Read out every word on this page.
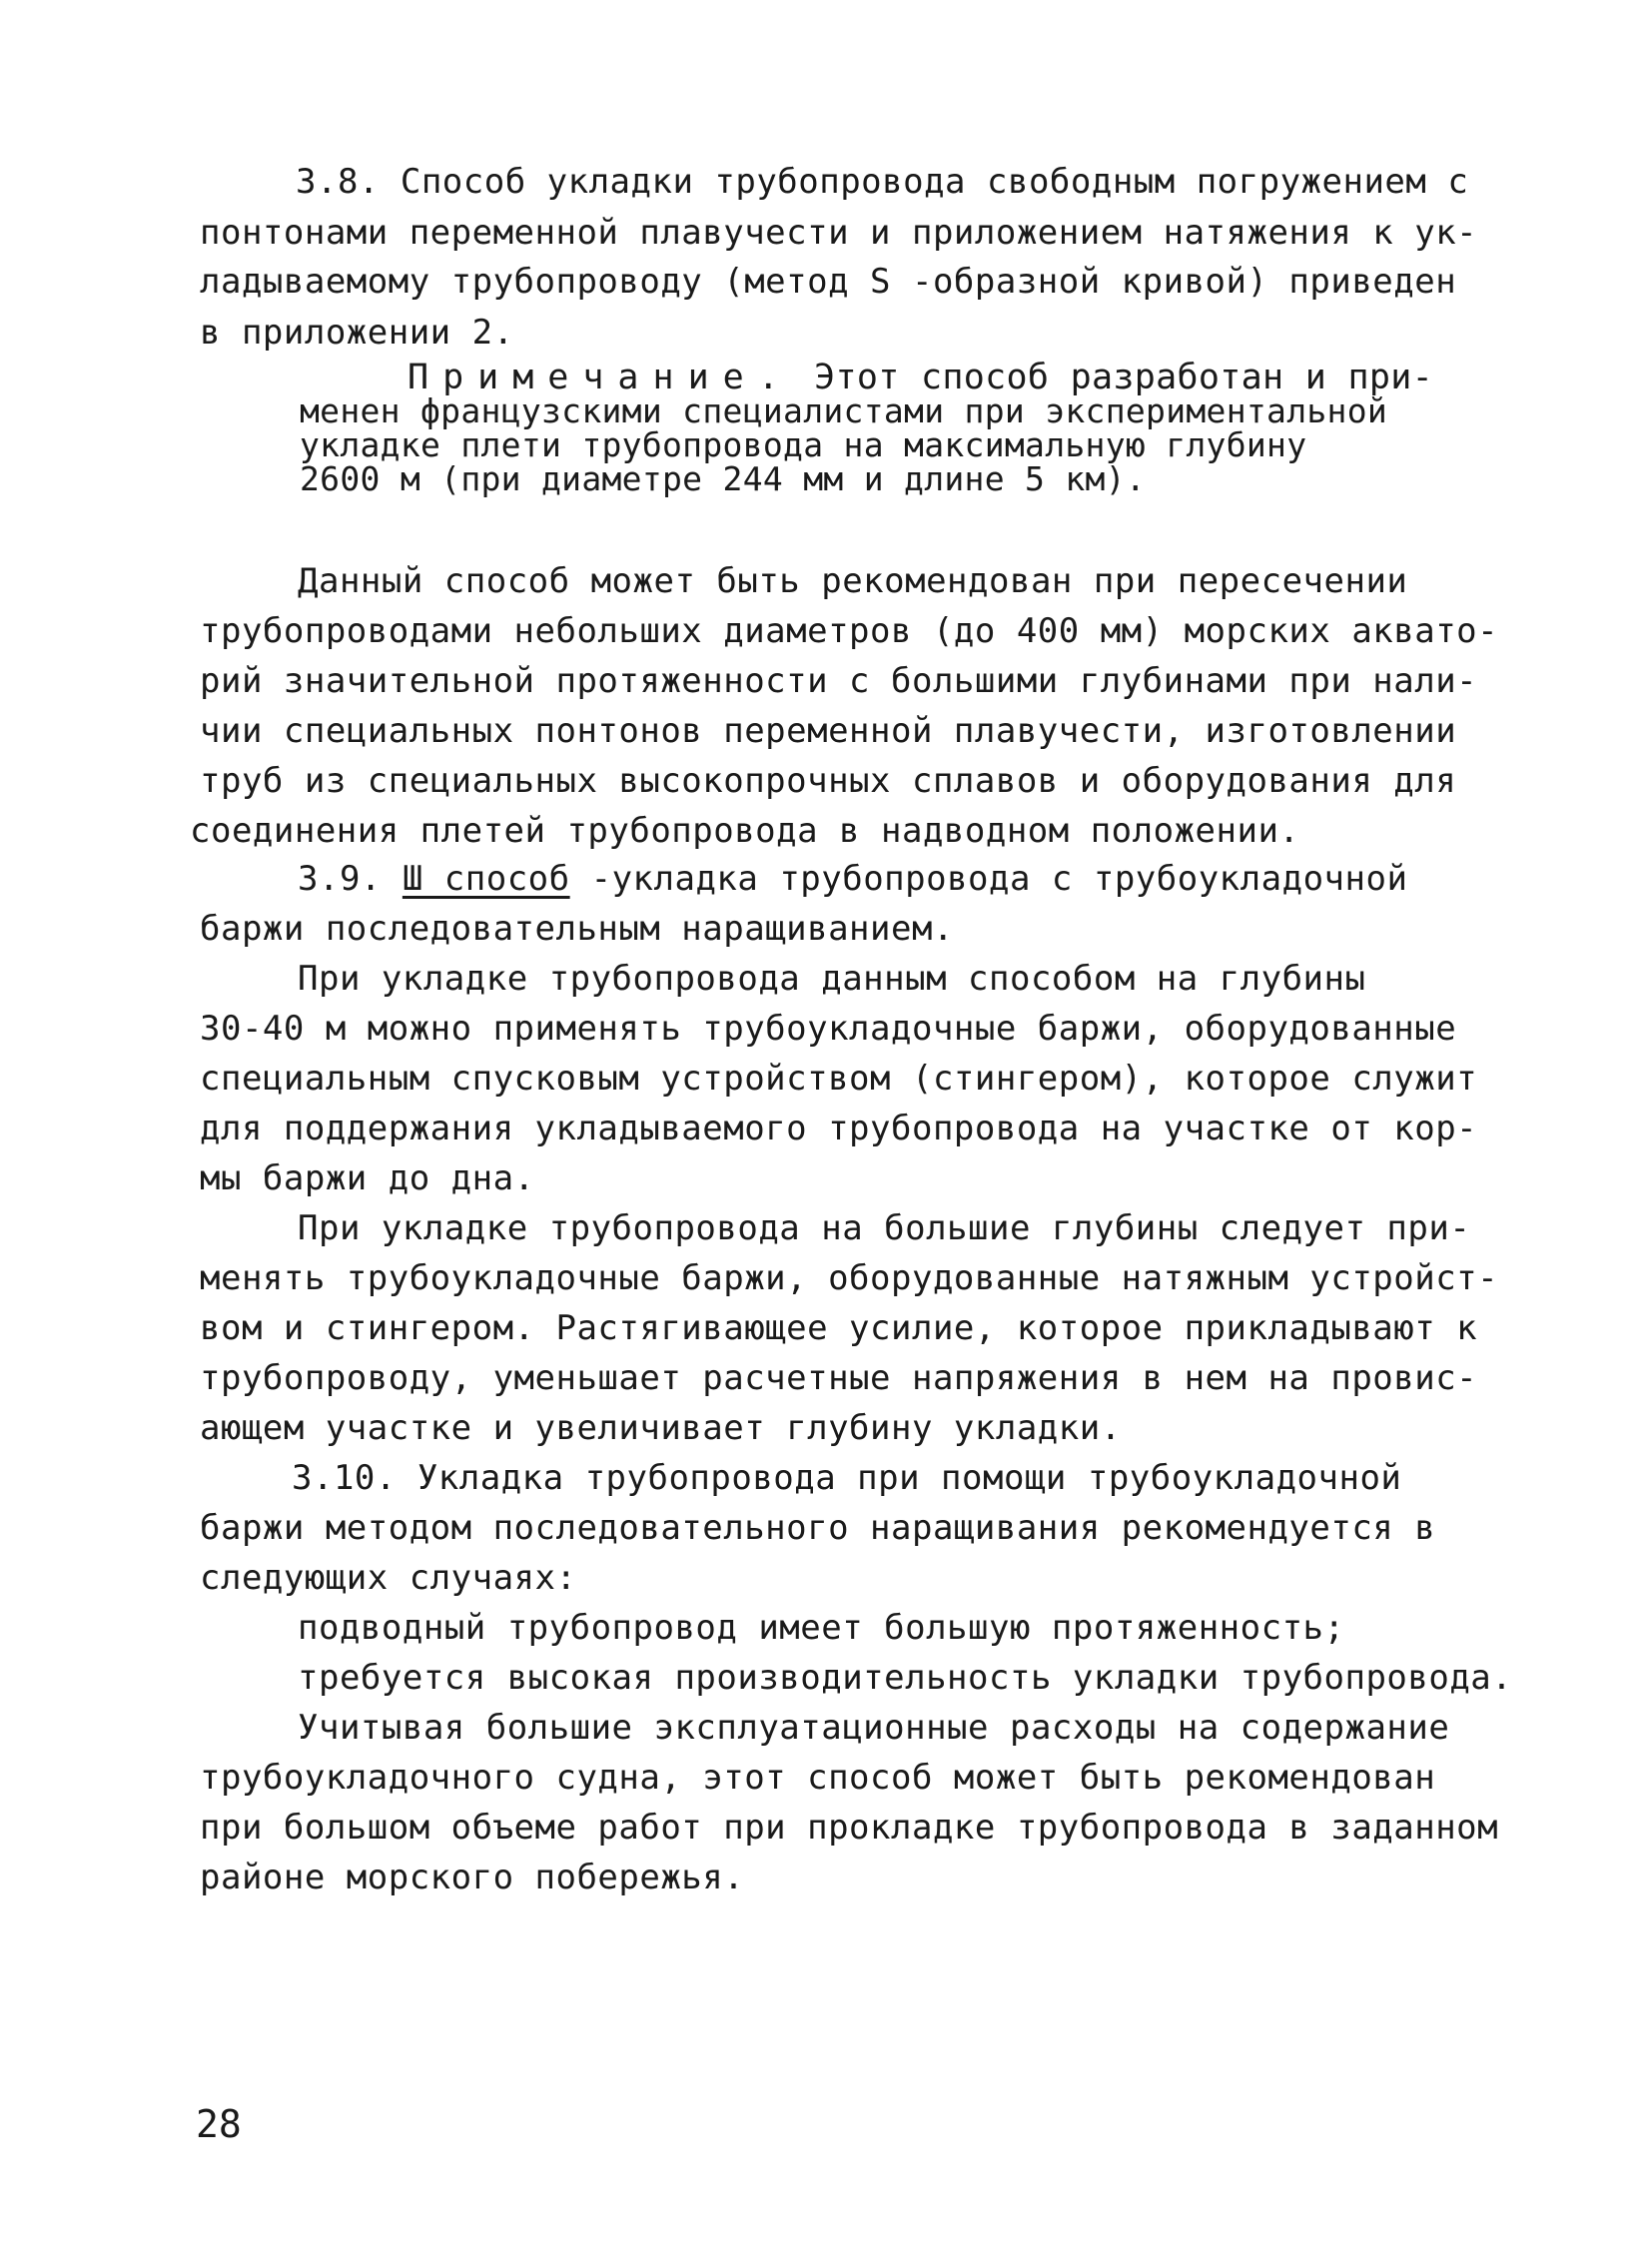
3.8. Способ укладки трубопровода свободным погружением с
понтонами переменной плавучести и приложением натяжения к ук-
ладываемому трубопроводу (метод S -образной кривой) приведен
в приложении 2.
Примечание. Этот способ разработан и при-
менен французскими специалистами при экспериментальной
укладке плети трубопровода на максимальную глубину
2600 м (при диаметре 244 мм и длине 5 км).
Данный способ может быть рекомендован при пересечении
трубопроводами небольших диаметров (до 400 мм) морских аквато-
рий значительной протяженности с большими глубинами при нали-
чии специальных понтонов переменной плавучести, изготовлении
труб из специальных высокопрочных сплавов и оборудования для
соединения плетей трубопровода в надводном положении.
3.9. Ш способ -укладка трубопровода с трубоукладочной
баржи последовательным наращиванием.
При укладке трубопровода данным способом на глубины
30-40 м можно применять трубоукладочные баржи, оборудованные
специальным спусковым устройством (стингером), которое служит
для поддержания укладываемого трубопровода на участке от кор-
мы баржи до дна.
При укладке трубопровода на большие глубины следует при-
менять трубоукладочные баржи, оборудованные натяжным устройст-
вом и стингером. Растягивающее усилие, которое прикладывают к
трубопроводу, уменьшает расчетные напряжения в нем на провис-
ающем участке и увеличивает глубину укладки.
3.10. Укладка трубопровода при помощи трубоукладочной
баржи методом последовательного наращивания рекомендуется в
следующих случаях:
подводный трубопровод имеет большую протяженность;
требуется высокая производительность укладки трубопровода.
Учитывая большие эксплуатационные расходы на содержание
трубоукладочного судна, этот способ может быть рекомендован
при большом объеме работ при прокладке трубопровода в заданном
районе морского побережья.
28
